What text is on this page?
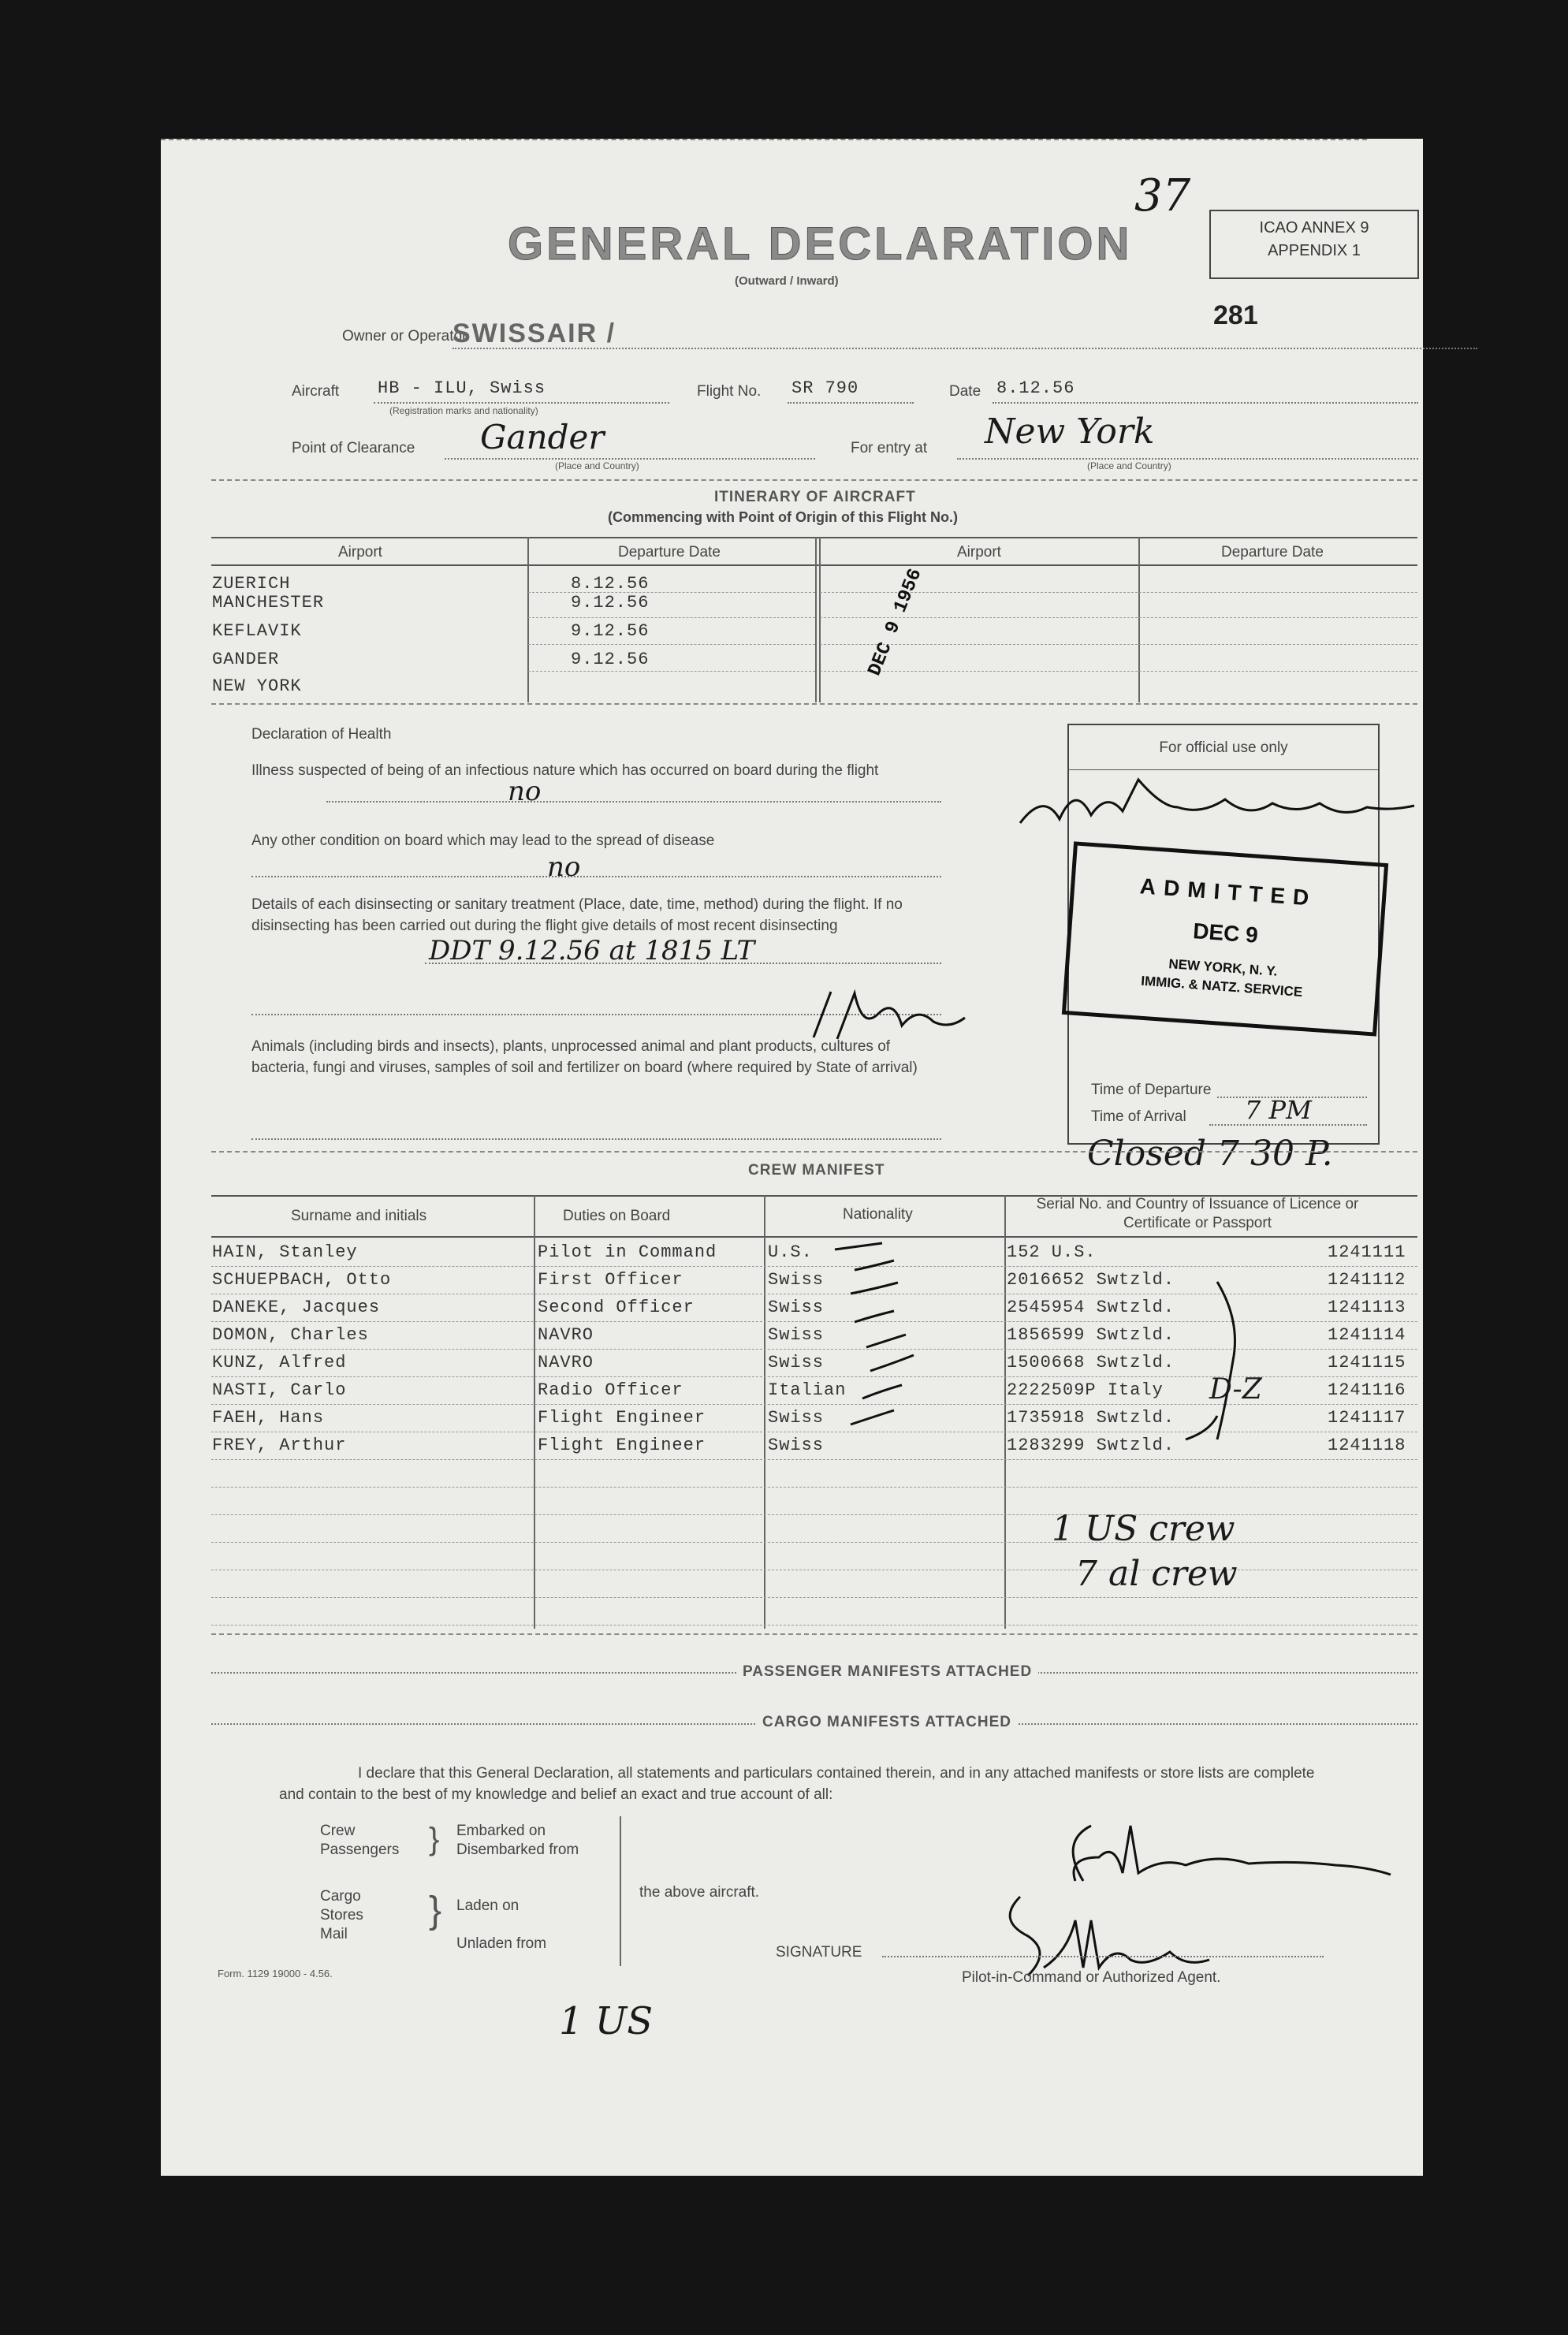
37
ICAO ANNEX 9
APPENDIX 1
GENERAL DECLARATION
(Outward / Inward)
281
Owner or Operator
SWISSAIR /
Aircraft HB - ILU, Swiss
(Registration marks and nationality)
Flight No. SR 790	Date 8.12.56
Point of Clearance Gander
(Place and Country)
For entry at New York
(Place and Country)
ITINERARY OF AIRCRAFT
(Commencing with Point of Origin of this Flight No.)
Airport	Departure Date	Airport	Departure Date
ZUERICH	8.12.56
MANCHESTER	9.12.56
KEFLAVIK	9.12.56
GANDER	9.12.56
NEW YORK
DEC 9 1956
Declaration of Health
Illness suspected of being of an infectious nature which has occurred on board during the flight
no
Any other condition on board which may lead to the spread of disease
no
Details of each disinsecting or sanitary treatment (Place, date, time, method) during the flight. If no disinsecting has been carried out during the flight give details of most recent disinsecting
DDT 9.12.56 at 1815 LT
Animals (including birds and insects), plants, unprocessed animal and plant products, cultures of bacteria, fungi and viruses, samples of soil and fertilizer on board (where required by State of arrival)
For official use only
ADMITTED
DEC 9
NEW YORK, N. Y.
IMMIG. & NATZ. SERVICE
Time of Departure
Time of Arrival 7 PM
Closed 7 30 P.
CREW MANIFEST
Surname and initials	Duties on Board	Nationality
Serial No. and Country of Issuance of Licence or Certificate or Passport
HAIN, Stanley	Pilot in Command	U.S.	152 U.S.	1241111
SCHUEPBACH, Otto	First Officer	Swiss	2016652 Swtzld.	1241112
DANEKE, Jacques	Second Officer	Swiss	2545954 Swtzld.	1241113
DOMON, Charles	NAVRO	Swiss	1856599 Swtzld.	1241114
KUNZ, Alfred	NAVRO	Swiss	1500668 Swtzld.	1241115
NASTI, Carlo	Radio Officer	Italian	2222509P Italy	1241116
FAEH, Hans	Flight Engineer	Swiss	1735918 Swtzld.	1241117
FREY, Arthur	Flight Engineer	Swiss	1283299 Swtzld.	1241118
D-Z
1 US crew
7 al crew
PASSENGER MANIFESTS ATTACHED
CARGO MANIFESTS ATTACHED
I declare that this General Declaration, all statements and particulars contained therein, and in any attached manifests or store lists are complete and contain to the best of my knowledge and belief an exact and true account of all:
Crew
Passengers } Embarked on
Disembarked from
Cargo
Stores
Mail
} Laden on
Unladen from
the above aircraft.
SIGNATURE
Pilot-in-Command or Authorized Agent.
Form. 1129 19000 - 4.56.
1 US
